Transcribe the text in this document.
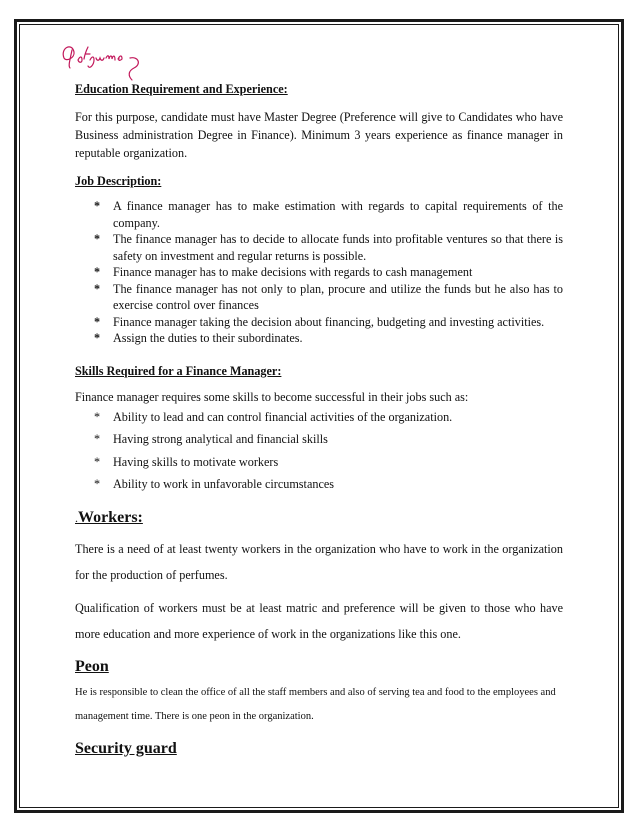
Education Requirement and Experience:

For this purpose, candidate must have Master Degree (Preference will give to Candidates who have Business administration Degree in Finance). Minimum 3 years experience as finance manager in reputable organization.

Job Description:

* A finance manager has to make estimation with regards to capital requirements of the company.
* The finance manager has to decide to allocate funds into profitable ventures so that there is safety on investment and regular returns is possible.
* Finance manager has to make decisions with regards to cash management
* The finance manager has not only to plan, procure and utilize the funds but he also has to exercise control over finances
* Finance manager taking the decision about financing, budgeting and investing activities.
* Assign the duties to their subordinates.

Skills Required for a Finance Manager:

Finance manager requires some skills to become successful in their jobs such as:

* Ability to lead and can control financial activities of the organization.
* Having strong analytical and financial skills
* Having skills to motivate workers
* Ability to work in unfavorable circumstances

.Workers:

There is a need of at least twenty workers in the organization who have to work in the organization for the production of perfumes.

Qualification of workers must be at least matric and preference will be given to those who have more education and more experience of work in the organizations like this one.

Peon

He is responsible to clean the office of all the staff members and also of serving tea and food to the employees and management time. There is one peon in the organization.

Security guard
